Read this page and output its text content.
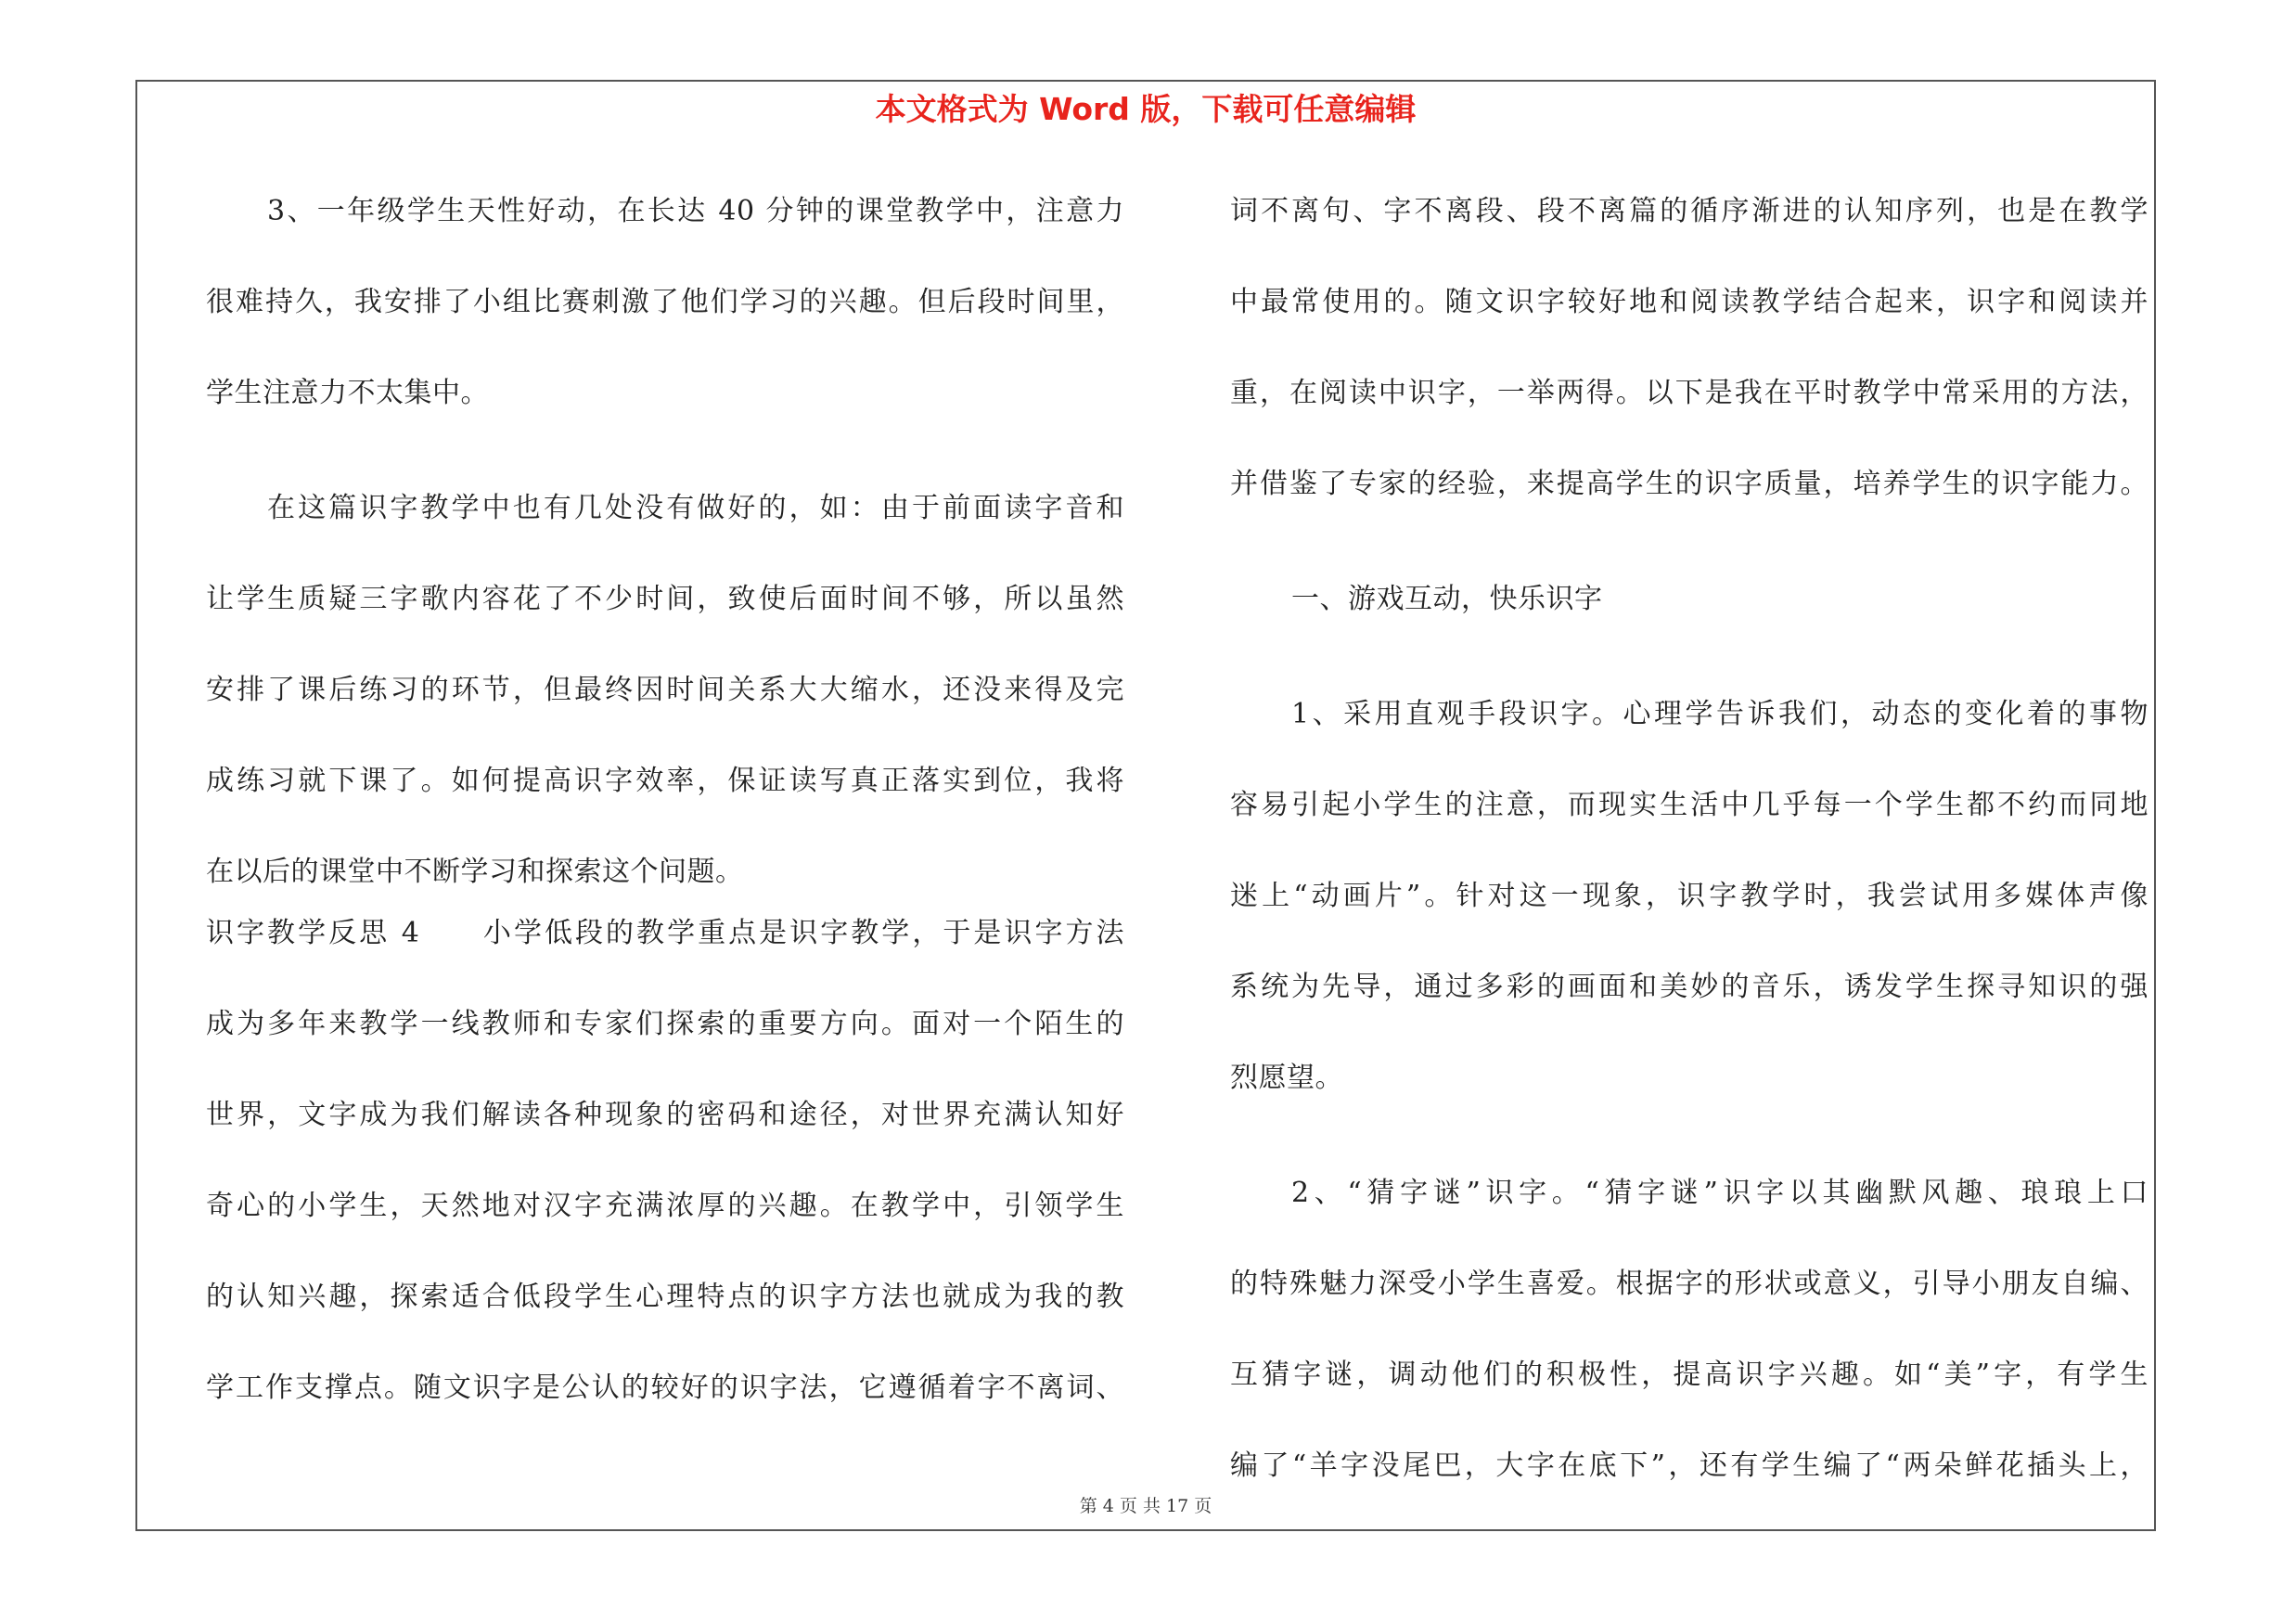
本文格式为 Word 版，下载可任意编辑
3、一年级学生天性好动，在长达 40 分钟的课堂教学中，注意力
很难持久，我安排了小组比赛刺激了他们学习的兴趣。但后段时间里，
学生注意力不太集中。
在这篇识字教学中也有几处没有做好的，如：由于前面读字音和
让学生质疑三字歌内容花了不少时间，致使后面时间不够，所以虽然
安排了课后练习的环节，但最终因时间关系大大缩水，还没来得及完
成练习就下课了。如何提高识字效率，保证读写真正落实到位，我将
在以后的课堂中不断学习和探索这个问题。
识字教学反思 4　　小学低段的教学重点是识字教学，于是识字方法
成为多年来教学一线教师和专家们探索的重要方向。面对一个陌生的
世界，文字成为我们解读各种现象的密码和途径，对世界充满认知好
奇心的小学生，天然地对汉字充满浓厚的兴趣。在教学中，引领学生
的认知兴趣，探索适合低段学生心理特点的识字方法也就成为我的教
学工作支撑点。随文识字是公认的较好的识字法，它遵循着字不离词、
词不离句、字不离段、段不离篇的循序渐进的认知序列，也是在教学
中最常使用的。随文识字较好地和阅读教学结合起来，识字和阅读并
重，在阅读中识字，一举两得。以下是我在平时教学中常采用的方法，
并借鉴了专家的经验，来提高学生的识字质量，培养学生的识字能力。
一、游戏互动，快乐识字
1、采用直观手段识字。心理学告诉我们，动态的变化着的事物
容易引起小学生的注意，而现实生活中几乎每一个学生都不约而同地
迷上“动画片”。针对这一现象，识字教学时，我尝试用多媒体声像
系统为先导，通过多彩的画面和美妙的音乐，诱发学生探寻知识的强
烈愿望。
2、“猜字谜”识字。“猜字谜”识字以其幽默风趣、琅琅上口
的特殊魅力深受小学生喜爱。根据字的形状或意义，引导小朋友自编、
互猜字谜，调动他们的积极性，提高识字兴趣。如“美”字，有学生
编了“羊字没尾巴，大字在底下”，还有学生编了“两朵鲜花插头上，
第 4 页 共 17 页
